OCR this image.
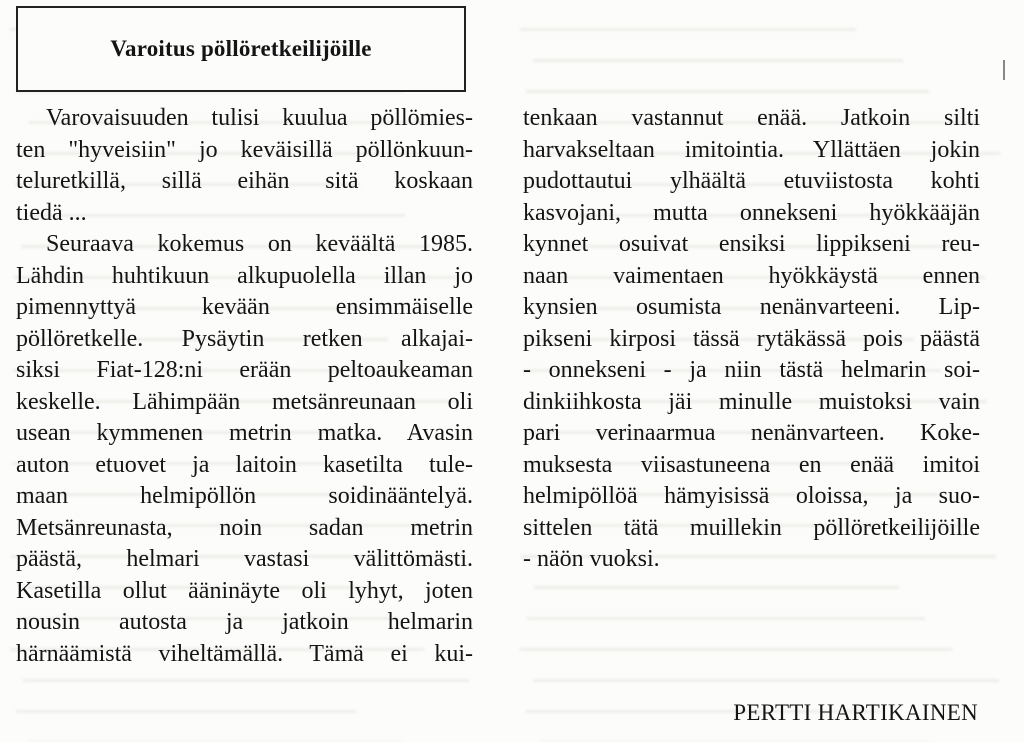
Varoitus pöllöretkeilijöille
Varovaisuuden tulisi kuulua pöllömies-
ten "hyveisiin" jo keväisillä pöllönkuun-
teluretkillä, sillä eihän sitä koskaan
tiedä ...
Seuraava kokemus on keväältä 1985.
Lähdin huhtikuun alkupuolella illan jo
pimennyttyä kevään ensimmäiselle
pöllöretkelle. Pysäytin retken alkajai-
siksi Fiat-128:ni erään peltoaukeaman
keskelle. Lähimpään metsänreunaan oli
usean kymmenen metrin matka. Avasin
auton etuovet ja laitoin kasetilta tule-
maan helmipöllön soidinääntelyä.
Metsänreunasta, noin sadan metrin
päästä, helmari vastasi välittömästi.
Kasetilla ollut ääninäyte oli lyhyt, joten
nousin autosta ja jatkoin helmarin
härnäämistä viheltämällä. Tämä ei kui-
tenkaan vastannut enää. Jatkoin silti
harvakseltaan imitointia. Yllättäen jokin
pudottautui ylhäältä etuviistosta kohti
kasvojani, mutta onnekseni hyökkääjän
kynnet osuivat ensiksi lippikseni reu-
naan vaimentaen hyökkäystä ennen
kynsien osumista nenänvarteeni. Lip-
pikseni kirposi tässä rytäkässä pois päästä
- onnekseni - ja niin tästä helmarin soi-
dinkiihkosta jäi minulle muistoksi vain
pari verinaarmua nenänvarteen. Koke-
muksesta viisastuneena en enää imitoi
helmipöllöä hämyisissä oloissa, ja suo-
sittelen tätä muillekin pöllöretkeilijöille
- näön vuoksi.
PERTTI HARTIKAINEN
